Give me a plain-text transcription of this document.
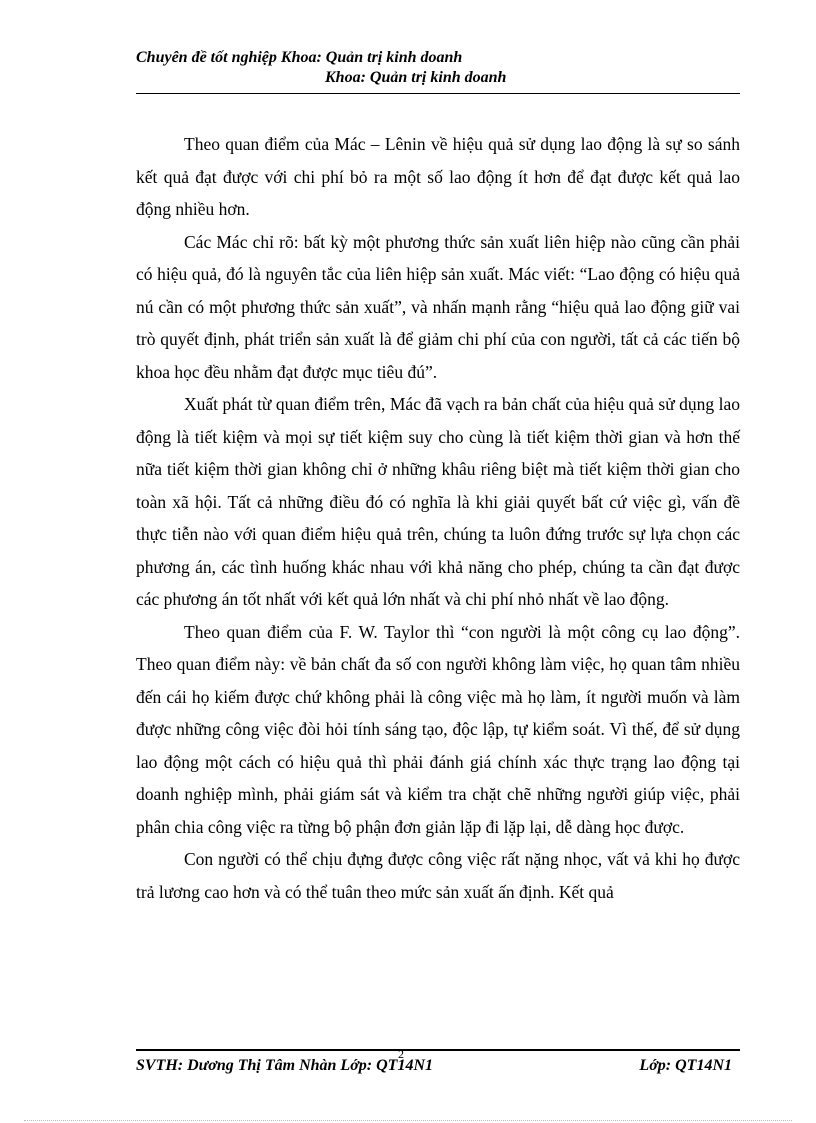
Chuyên đề tốt nghiệp Khoa: Quản trị kinh doanh
Khoa: Quản trị kinh doanh

Theo quan điểm của Mác – Lênin về hiệu quả sử dụng lao động là sự so sánh kết quả đạt được với chi phí bỏ ra một số lao động ít hơn để đạt được kết quả lao động nhiều hơn.

Các Mác chỉ rõ: bất kỳ một phương thức sản xuất liên hiệp nào cũng cần phải có hiệu quả, đó là nguyên tắc của liên hiệp sản xuất. Mác viết: “Lao động có hiệu quả nú cần có một phương thức sản xuất”, và nhấn mạnh rằng “hiệu quả lao động giữ vai trò quyết định, phát triển sản xuất là để giảm chi phí của con người, tất cả các tiến bộ khoa học đều nhằm đạt được mục tiêu đú”.

Xuất phát từ quan điểm trên, Mác đã vạch ra bản chất của hiệu quả sử dụng lao động là tiết kiệm và mọi sự tiết kiệm suy cho cùng là tiết kiệm thời gian và hơn thế nữa tiết kiệm thời gian không chỉ ở những khâu riêng biệt mà tiết kiệm thời gian cho toàn xã hội. Tất cả những điều đó có nghĩa là khi giải quyết bất cứ việc gì, vấn đề thực tiễn nào với quan điểm hiệu quả trên, chúng ta luôn đứng trước sự lựa chọn các phương án, các tình huống khác nhau với khả năng cho phép, chúng ta cần đạt được các phương án tốt nhất với kết quả lớn nhất và chi phí nhỏ nhất về lao động.

Theo quan điểm của F. W. Taylor thì “con người là một công cụ lao động”. Theo quan điểm này: về bản chất đa số con người không làm việc, họ quan tâm nhiều đến cái họ kiếm được chứ không phải là công việc mà họ làm, ít người muốn và làm được những công việc đòi hỏi tính sáng tạo, độc lập, tự kiểm soát. Vì thế, để sử dụng lao động một cách có hiệu quả thì phải đánh giá chính xác thực trạng lao động tại doanh nghiệp mình, phải giám sát và kiểm tra chặt chẽ những người giúp việc, phải phân chia công việc ra từng bộ phận đơn giản lặp đi lặp lại, dễ dàng học được.

Con người có thể chịu đựng được công việc rất nặng nhọc, vất vả khi họ được trả lương cao hơn và có thể tuân theo mức sản xuất ấn định. Kết quả

2
SVTH: Dương Thị Tâm Nhàn Lớp: QT14N1	Lớp: QT14N1
